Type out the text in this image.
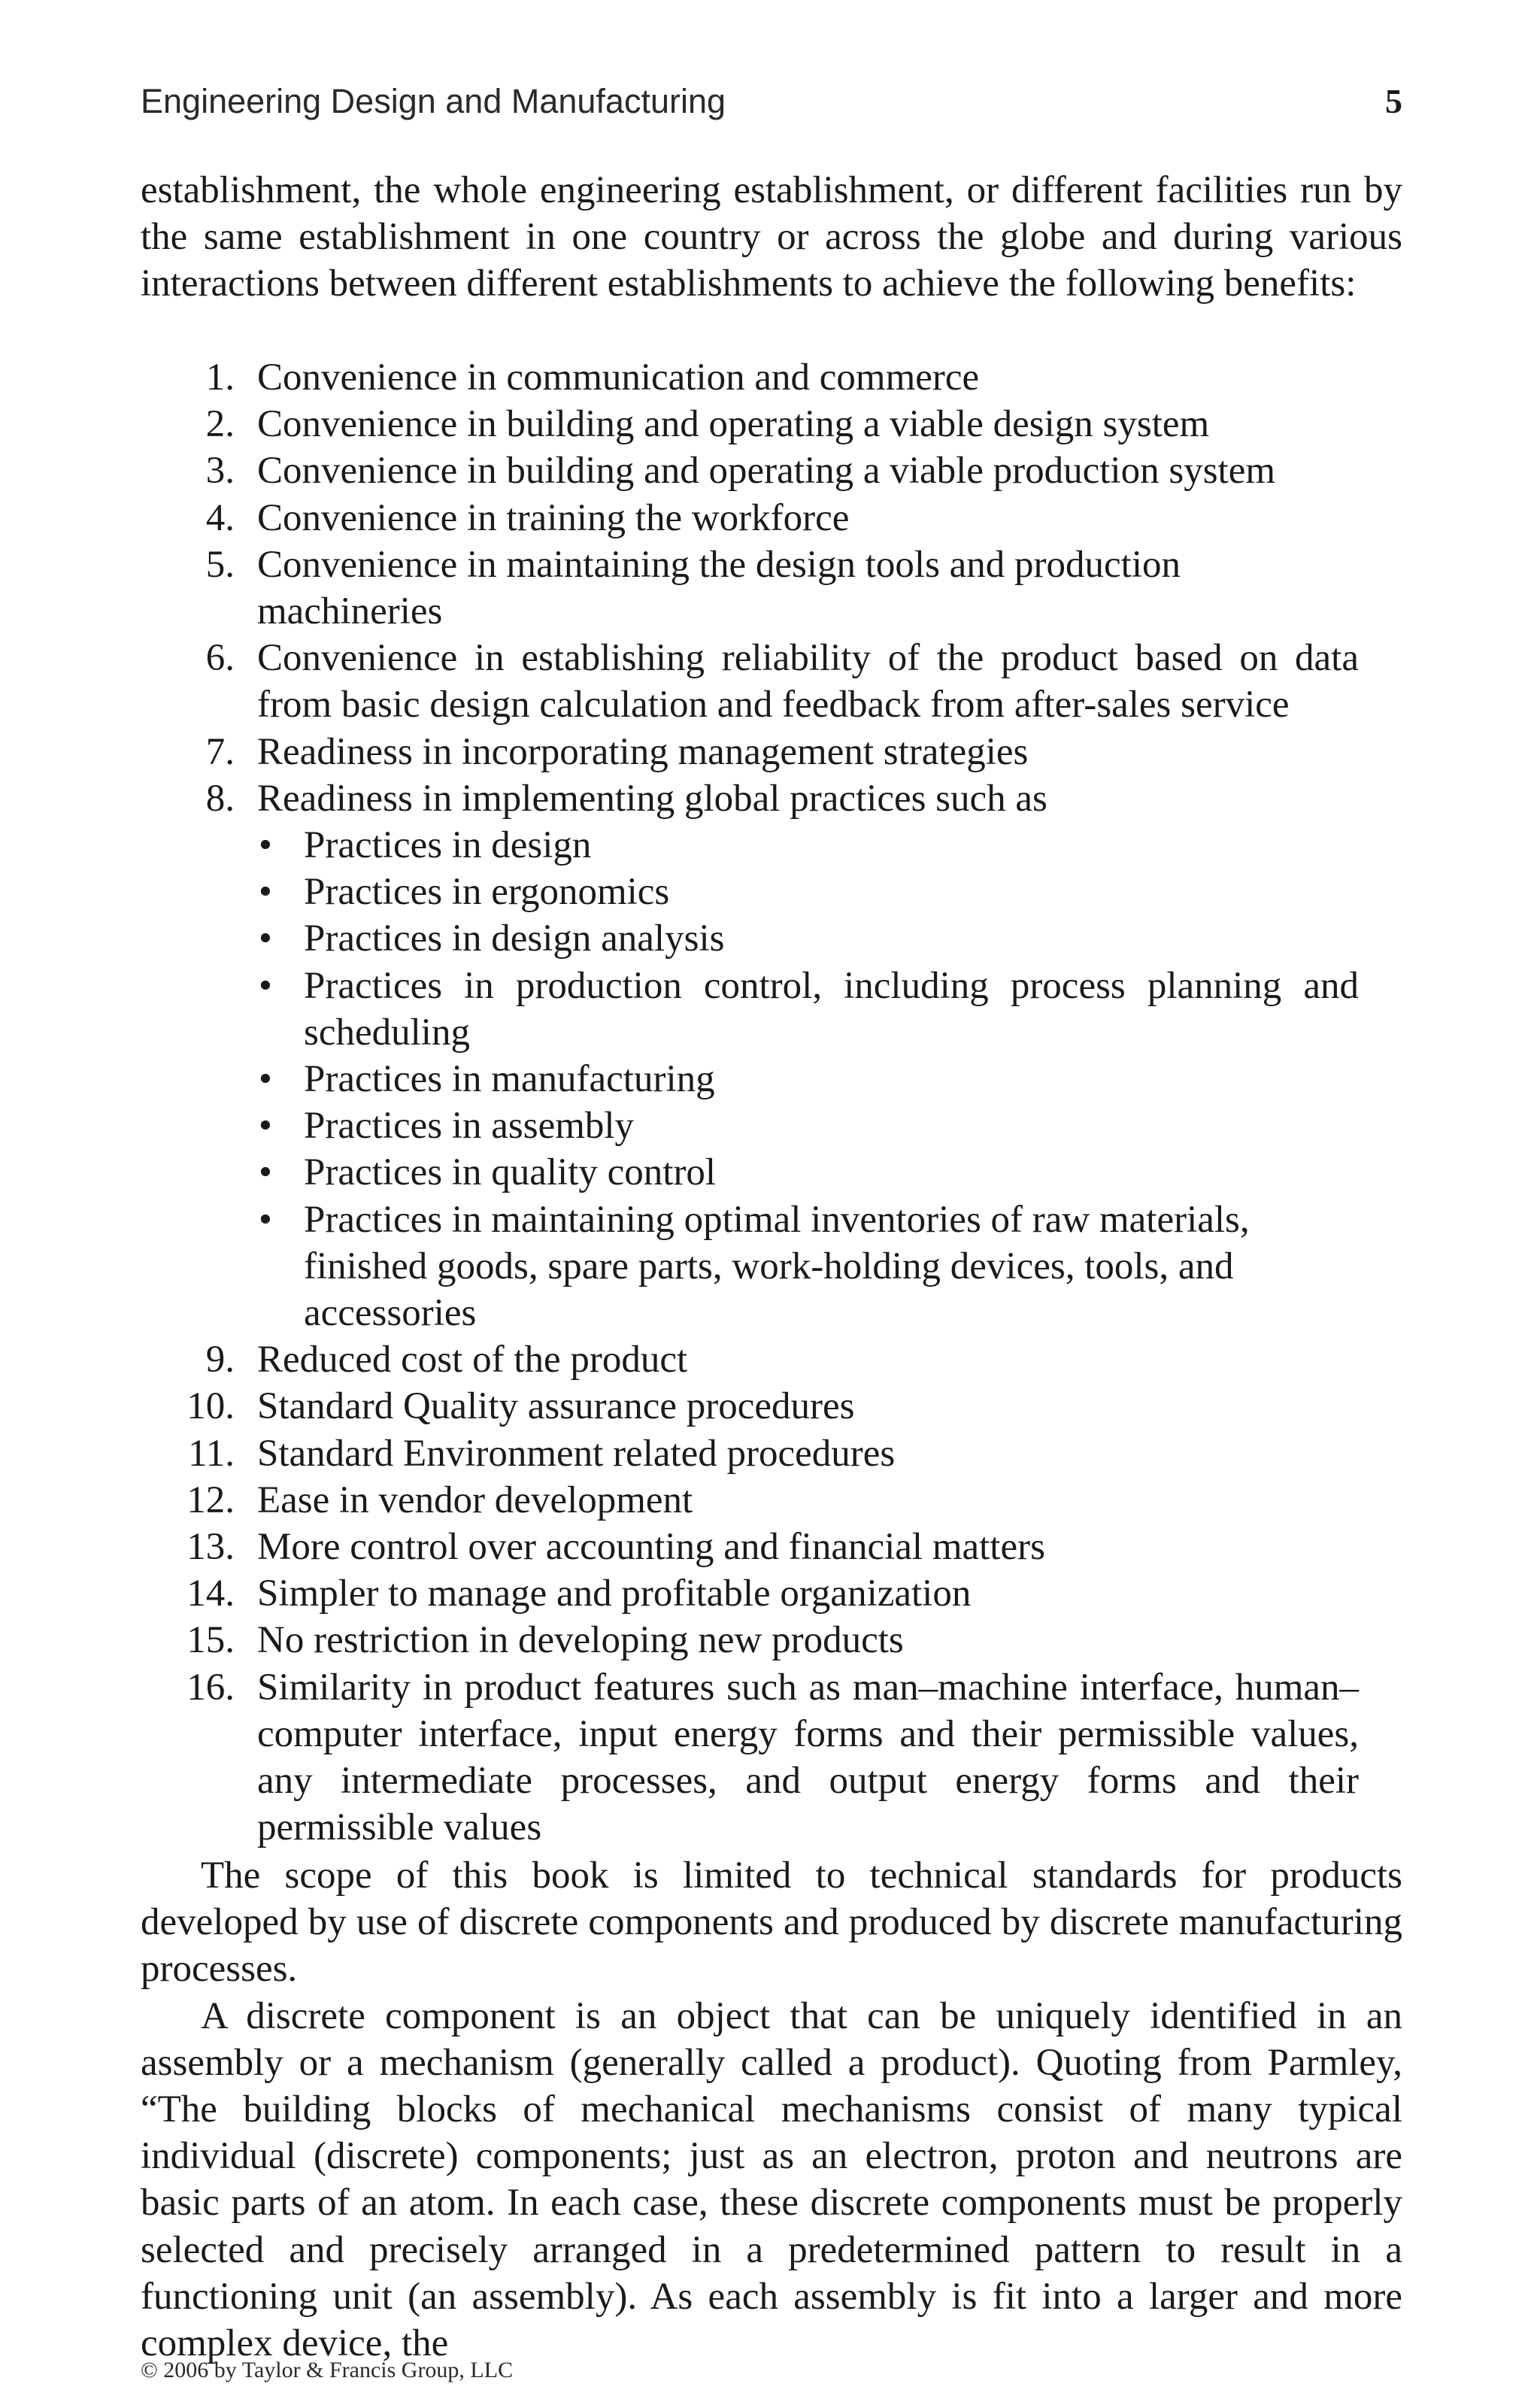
Engineering Design and Manufacturing	5

establishment, the whole engineering establishment, or different facilities run by the same establishment in one country or across the globe and during various interactions between different establishments to achieve the following benefits:

1. Convenience in communication and commerce
2. Convenience in building and operating a viable design system
3. Convenience in building and operating a viable production system
4. Convenience in training the workforce
5. Convenience in maintaining the design tools and production machineries
6. Convenience in establishing reliability of the product based on data from basic design calculation and feedback from after-sales service
7. Readiness in incorporating management strategies
8. Readiness in implementing global practices such as
• Practices in design
• Practices in ergonomics
• Practices in design analysis
• Practices in production control, including process planning and scheduling
• Practices in manufacturing
• Practices in assembly
• Practices in quality control
• Practices in maintaining optimal inventories of raw materials, finished goods, spare parts, work-holding devices, tools, and accessories
9. Reduced cost of the product
10. Standard Quality assurance procedures
11. Standard Environment related procedures
12. Ease in vendor development
13. More control over accounting and financial matters
14. Simpler to manage and profitable organization
15. No restriction in developing new products
16. Similarity in product features such as man–machine interface, human–computer interface, input energy forms and their permissible values, any intermediate processes, and output energy forms and their permissible values

The scope of this book is limited to technical standards for products developed by use of discrete components and produced by discrete manufacturing processes.

A discrete component is an object that can be uniquely identified in an assembly or a mechanism (generally called a product). Quoting from Parmley, “The building blocks of mechanical mechanisms consist of many typical individual (discrete) components; just as an electron, proton and neutrons are basic parts of an atom. In each case, these discrete components must be properly selected and precisely arranged in a predetermined pattern to result in a functioning unit (an assembly). As each assembly is fit into a larger and more complex device, the

© 2006 by Taylor & Francis Group, LLC
